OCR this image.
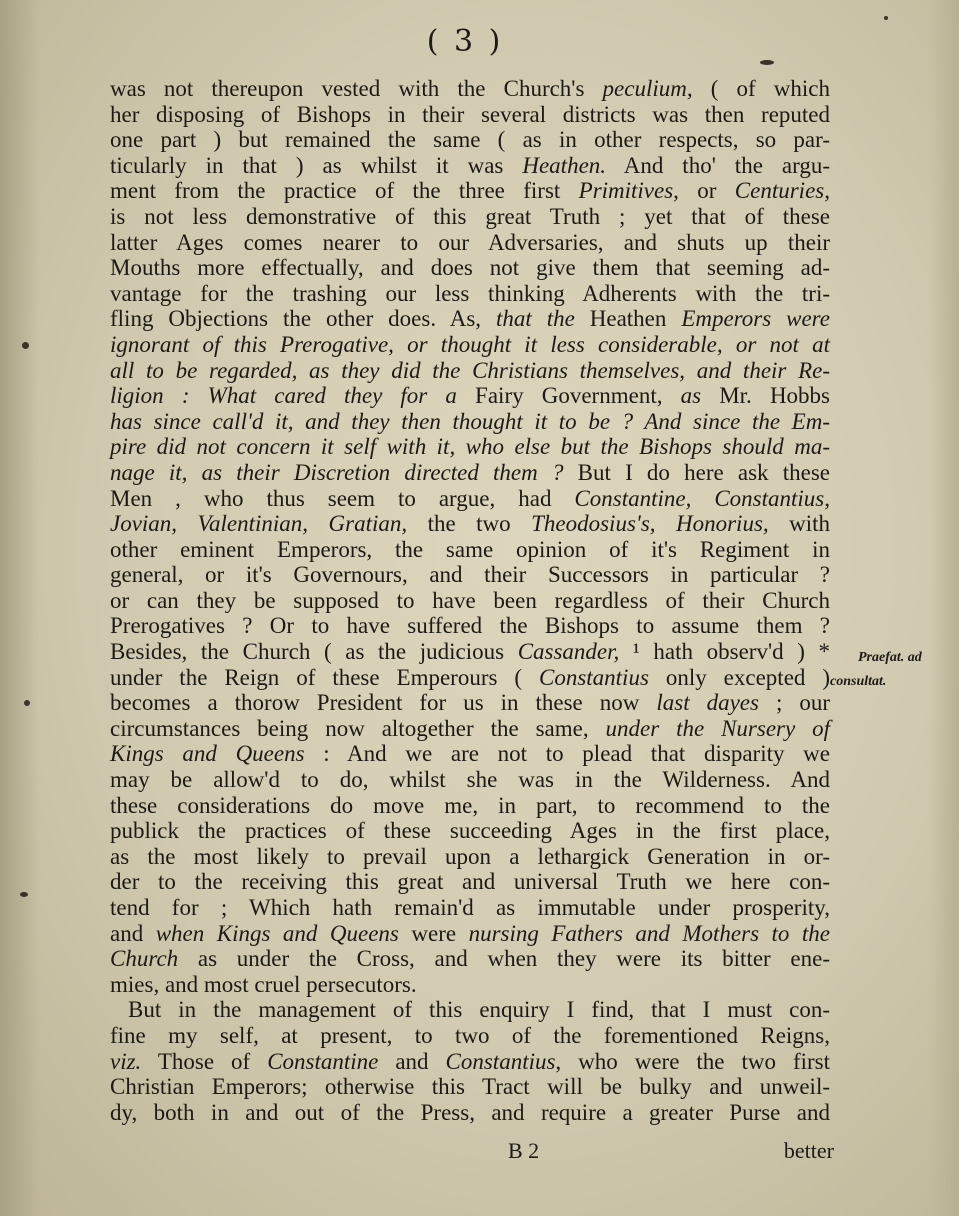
( 3 )
was not thereupon vested with the Church's peculium, ( of which
her disposing of Bishops in their several districts was then reputed
one part ) but remained the same ( as in other respects, so par-
ticularly in that ) as whilst it was Heathen. And tho' the argu-
ment from the practice of the three first Primitives, or Centuries,
is not less demonstrative of this great Truth ; yet that of these
latter Ages comes nearer to our Adversaries, and shuts up their
Mouths more effectually, and does not give them that seeming ad-
vantage for the trashing our less thinking Adherents with the tri-
fling Objections the other does. As, that the Heathen Emperors were
ignorant of this Prerogative, or thought it less considerable, or not at
all to be regarded, as they did the Christians themselves, and their Re-
ligion : What cared they for a Fairy Government, as Mr. Hobbs
has since call'd it, and they then thought it to be ? And since the Em-
pire did not concern it self with it, who else but the Bishops should ma-
nage it, as their Discretion directed them ? But I do here ask these
Men , who thus seem to argue, had Constantine, Constantius,
Jovian, Valentinian, Gratian, the two Theodosius's, Honorius, with
other eminent Emperors, the same opinion of it's Regiment in
general, or it's Governours, and their Successors in particular ?
or can they be supposed to have been regardless of their Church
Prerogatives ? Or to have suffered the Bishops to assume them ?
Besides, the Church ( as the judicious Cassander, ¹ hath observ'd ) *
under the Reign of these Emperours ( Constantius only excepted )
becomes a thorow President for us in these now last dayes ; our
circumstances being now altogether the same, under the Nursery of
Kings and Queens : And we are not to plead that disparity we
may be allow'd to do, whilst she was in the Wilderness. And
these considerations do move me, in part, to recommend to the
publick the practices of these succeeding Ages in the first place,
as the most likely to prevail upon a lethargick Generation in or-
der to the receiving this great and universal Truth we here con-
tend for ; Which hath remain'd as immutable under prosperity,
and when Kings and Queens were nursing Fathers and Mothers to the
Church as under the Cross, and when they were its bitter ene-
mies, and most cruel persecutors.
But in the management of this enquiry I find, that I must con-
fine my self, at present, to two of the forementioned Reigns,
viz. Those of Constantine and Constantius, who were the two first
Christian Emperors; otherwise this Tract will be bulky and unweil-
dy, both in and out of the Press, and require a greater Purse and
Praefat. ad
consultat.
B 2	better
